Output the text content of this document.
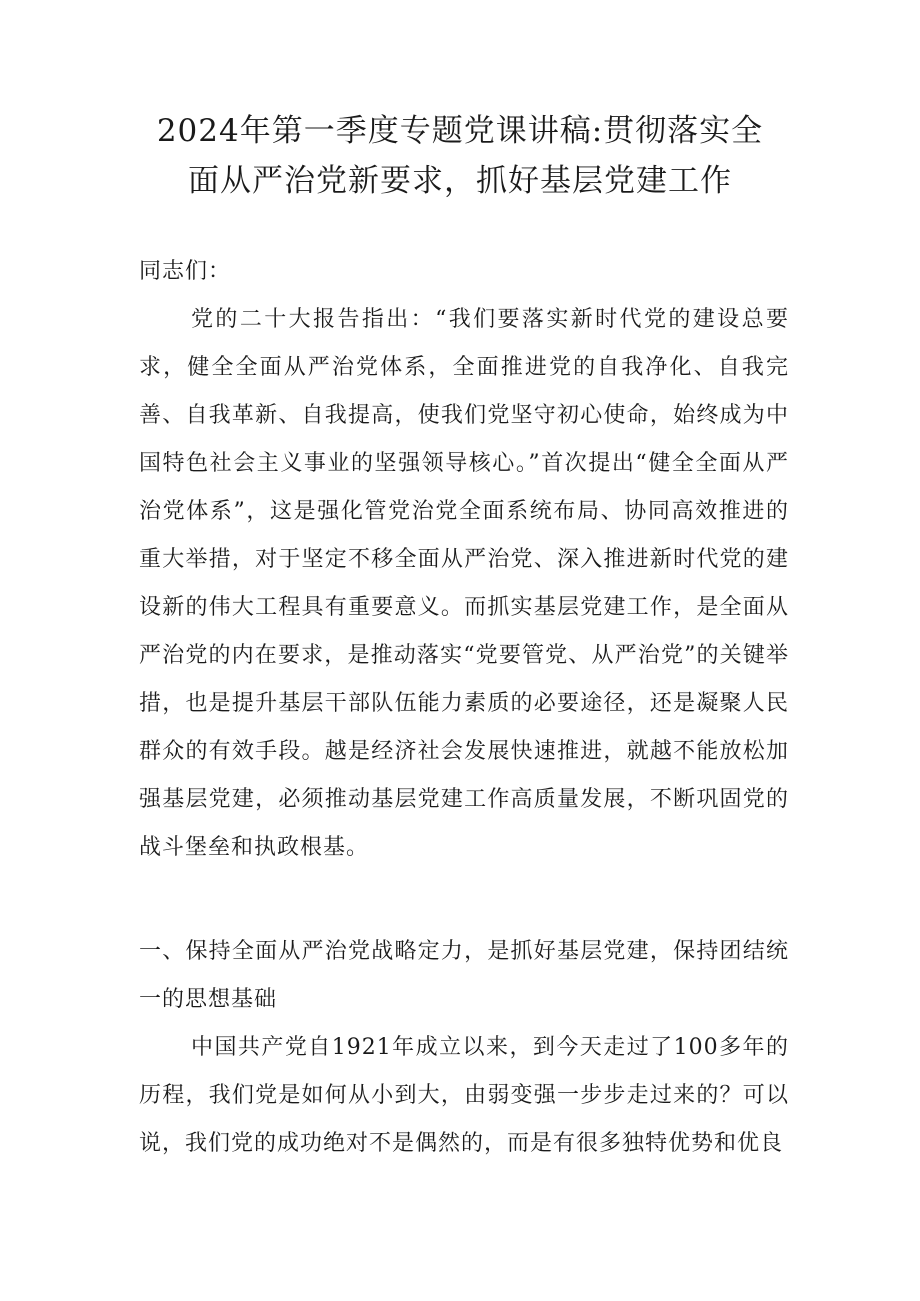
2024年第一季度专题党课讲稿:贯彻落实全
面从严治党新要求，抓好基层党建工作

同志们：

党的二十大报告指出：“我们要落实新时代党的建设总要求，健全全面从严治党体系，全面推进党的自我净化、自我完善、自我革新、自我提高，使我们党坚守初心使命，始终成为中国特色社会主义事业的坚强领导核心。”首次提出“健全全面从严治党体系”，这是强化管党治党全面系统布局、协同高效推进的重大举措，对于坚定不移全面从严治党、深入推进新时代党的建设新的伟大工程具有重要意义。而抓实基层党建工作，是全面从严治党的内在要求，是推动落实“党要管党、从严治党”的关键举措，也是提升基层干部队伍能力素质的必要途径，还是凝聚人民群众的有效手段。越是经济社会发展快速推进，就越不能放松加强基层党建，必须推动基层党建工作高质量发展，不断巩固党的战斗堡垒和执政根基。

一、保持全面从严治党战略定力，是抓好基层党建，保持团结统一的思想基础

中国共产党自1921年成立以来，到今天走过了100多年的历程，我们党是如何从小到大，由弱变强一步步走过来的？可以说，我们党的成功绝对不是偶然的，而是有很多独特优势和优良
